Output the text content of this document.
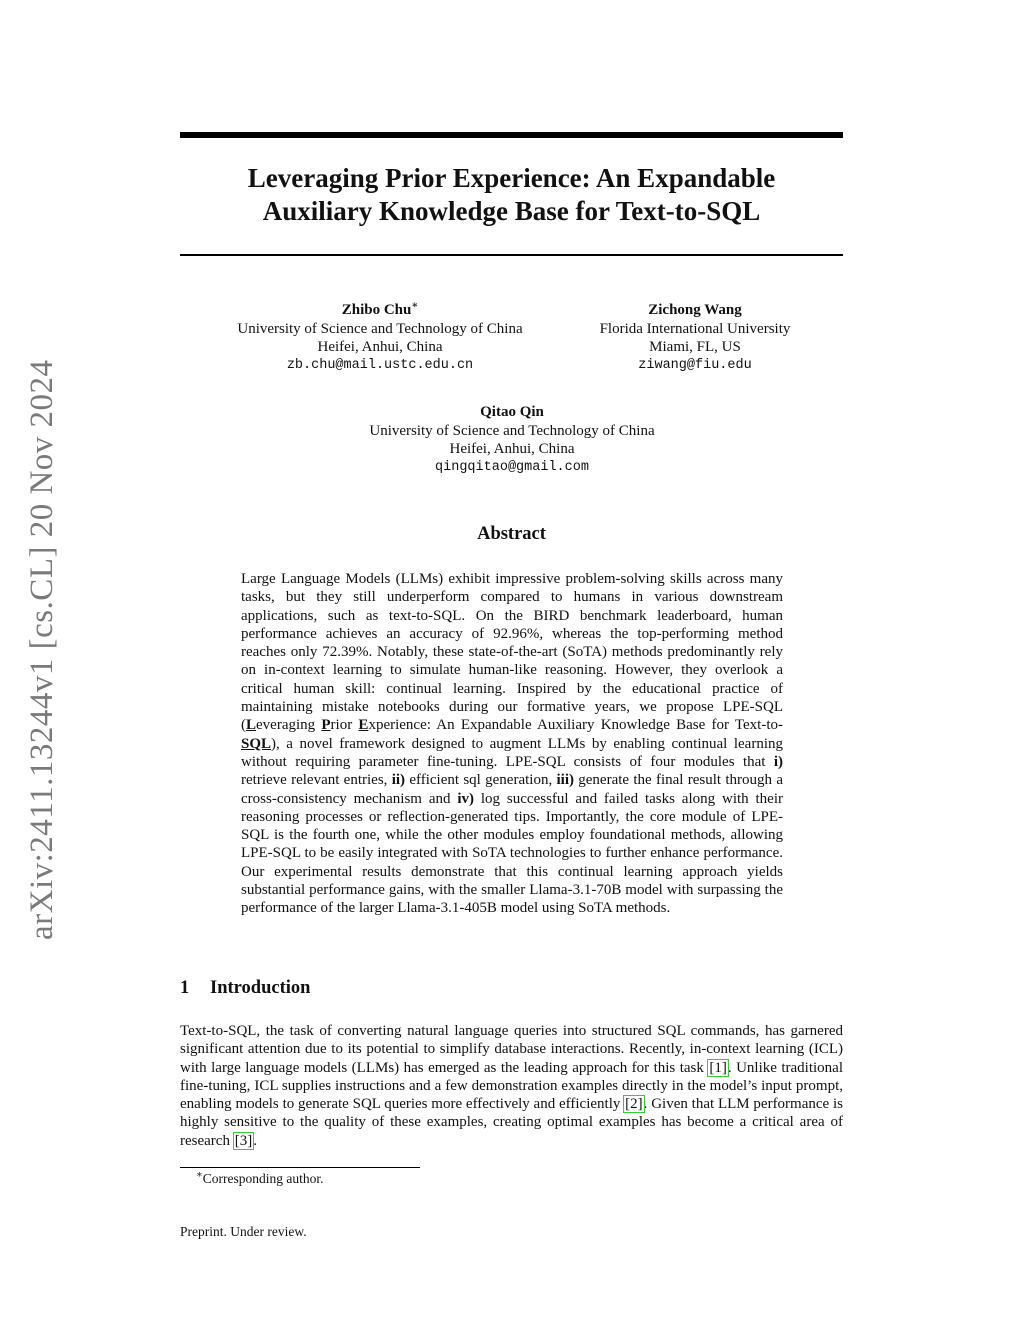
arXiv:2411.13244v1 [cs.CL] 20 Nov 2024
Leveraging Prior Experience: An Expandable
Auxiliary Knowledge Base for Text-to-SQL
Zhibo Chu∗
University of Science and Technology of China
Heifei, Anhui, China
zb.chu@mail.ustc.edu.cn
Zichong Wang
Florida International University
Miami, FL, US
ziwang@fiu.edu
Qitao Qin
University of Science and Technology of China
Heifei, Anhui, China
qingqitao@gmail.com
Abstract

Large Language Models (LLMs) exhibit impressive problem-solving skills across many tasks, but they still underperform compared to humans in various downstream applications, such as text-to-SQL. On the BIRD benchmark leaderboard, human performance achieves an accuracy of 92.96%, whereas the top-performing method reaches only 72.39%. Notably, these state-of-the-art (SoTA) methods predominantly rely on in-context learning to simulate human-like reasoning. However, they overlook a critical human skill: continual learning. Inspired by the educational practice of maintaining mistake notebooks during our formative years, we propose LPE-SQL (Leveraging Prior Experience: An Expandable Auxiliary Knowledge Base for Text-to-SQL), a novel framework designed to augment LLMs by enabling continual learning without requiring parameter fine-tuning. LPE-SQL consists of four modules that i) retrieve relevant entries, ii) efficient sql generation, iii) generate the final result through a cross-consistency mechanism and iv) log successful and failed tasks along with their reasoning processes or reflection-generated tips. Importantly, the core module of LPE-SQL is the fourth one, while the other modules employ foundational methods, allowing LPE-SQL to be easily integrated with SoTA technologies to further enhance performance. Our experimental results demonstrate that this continual learning approach yields substantial performance gains, with the smaller Llama-3.1-70B model with surpassing the performance of the larger Llama-3.1-405B model using SoTA methods.

1 Introduction

Text-to-SQL, the task of converting natural language queries into structured SQL commands, has garnered significant attention due to its potential to simplify database interactions. Recently, in-context learning (ICL) with large language models (LLMs) has emerged as the leading approach for this task [1]. Unlike traditional fine-tuning, ICL supplies instructions and a few demonstration examples directly in the model’s input prompt, enabling models to generate SQL queries more effectively and efficiently [2]. Given that LLM performance is highly sensitive to the quality of these examples, creating optimal examples has become a critical area of research [3].

∗Corresponding author.
Preprint. Under review.
